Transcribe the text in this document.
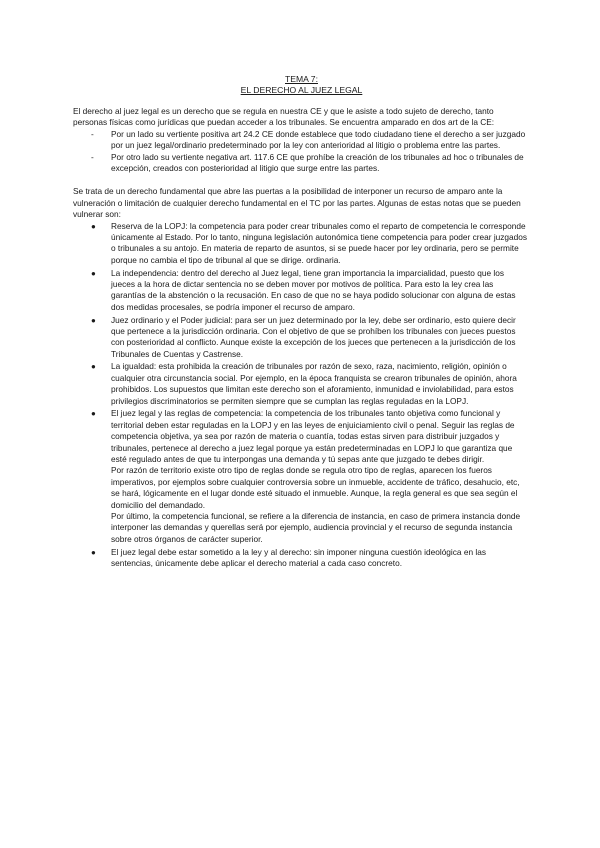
TEMA 7:
EL DERECHO AL JUEZ LEGAL

El derecho al juez legal es un derecho que se regula en nuestra CE y que le asiste a todo sujeto de derecho, tanto personas físicas como jurídicas que puedan acceder a los tribunales. Se encuentra amparado en dos art de la CE:

- Por un lado su vertiente positiva art 24.2 CE donde establece que todo ciudadano tiene el derecho a ser juzgado por un juez legal/ordinario predeterminado por la ley con anterioridad al litigio o problema entre las partes.
- Por otro lado su vertiente negativa art. 117.6 CE que prohíbe la creación de los tribunales ad hoc o tribunales de excepción, creados con posterioridad al litigio que surge entre las partes.

Se trata de un derecho fundamental que abre las puertas a la posibilidad de interponer un recurso de amparo ante la vulneración o limitación de cualquier derecho fundamental en el TC por las partes. Algunas de estas notas que se pueden vulnerar son:

● Reserva de la LOPJ: la competencia para poder crear tribunales como el reparto de competencia le corresponde únicamente al Estado. Por lo tanto, ninguna legislación autonómica tiene competencia para poder crear juzgados o tribunales a su antojo. En materia de reparto de asuntos, si se puede hacer por ley ordinaria, pero se permite porque no cambia el tipo de tribunal al que se dirige. ordinaria.

● La independencia: dentro del derecho al Juez legal, tiene gran importancia la imparcialidad, puesto que los jueces a la hora de dictar sentencia no se deben mover por motivos de política. Para esto la ley crea las garantías de la abstención o la recusación. En caso de que no se haya podido solucionar con alguna de estas dos medidas procesales, se podría imponer el recurso de amparo.

● Juez ordinario y el Poder judicial: para ser un juez determinado por la ley, debe ser ordinario, esto quiere decir que pertenece a la jurisdicción ordinaria. Con el objetivo de que se prohíben los tribunales con jueces puestos con posterioridad al conflicto. Aunque existe la excepción de los jueces que pertenecen a la jurisdicción de los Tribunales de Cuentas y Castrense.

● La igualdad: esta prohibida la creación de tribunales por razón de sexo, raza, nacimiento, religión, opinión o cualquier otra circunstancia social. Por ejemplo, en la época franquista se crearon tribunales de opinión, ahora prohibidos. Los supuestos que limitan este derecho son el aforamiento, inmunidad e inviolabilidad, para estos privilegios discriminatorios se permiten siempre que se cumplan las reglas reguladas en la LOPJ.

● El juez legal y las reglas de competencia: la competencia de los tribunales tanto objetiva como funcional y territorial deben estar reguladas en la LOPJ y en las leyes de enjuiciamiento civil o penal. Seguir las reglas de competencia objetiva, ya sea por razón de materia o cuantía, todas estas sirven para distribuir juzgados y tribunales, pertenece al derecho a juez legal porque ya están predeterminadas en LOPJ lo que garantiza que esté regulado antes de que tu interpongas una demanda y tú sepas ante que juzgado te debes dirigir.

Por razón de territorio existe otro tipo de reglas donde se regula otro tipo de reglas, aparecen los fueros imperativos, por ejemplos sobre cualquier controversia sobre un inmueble, accidente de tráfico, desahucio, etc, se hará, lógicamente en el lugar donde esté situado el inmueble. Aunque, la regla general es que sea según el domicilio del demandado.

Por último, la competencia funcional, se refiere a la diferencia de instancia, en caso de primera instancia donde interponer las demandas y querellas será por ejemplo, audiencia provincial y el recurso de segunda instancia sobre otros órganos de carácter superior.

● El juez legal debe estar sometido a la ley y al derecho: sin imponer ninguna cuestión ideológica en las sentencias, únicamente debe aplicar el derecho material a cada caso concreto.
